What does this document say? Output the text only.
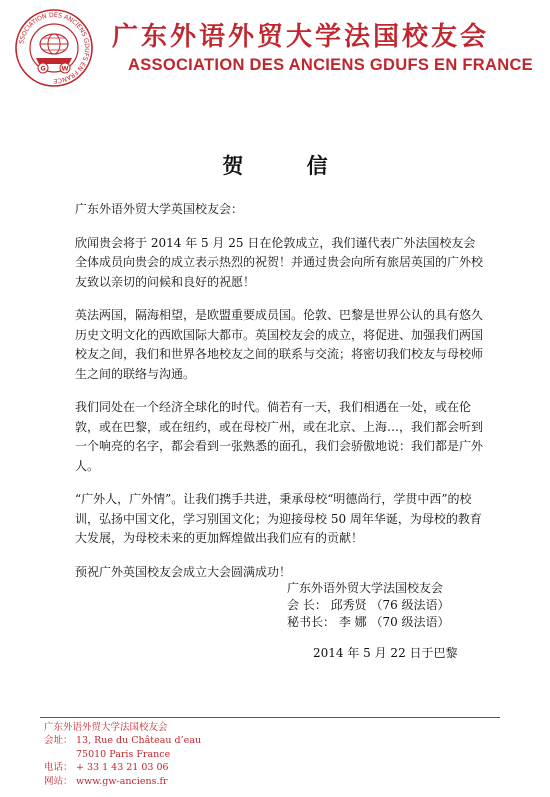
SSOCIATION DES ANCIENS GDUFS EN FRANCE
G W
广东外语外贸大学法国校友会
ASSOCIATION DES ANCIENS GDUFS EN FRANCE
贺 信

广东外语外贸大学英国校友会：

欣闻贵会将于 2014 年 5 月 25 日在伦敦成立，我们谨代表广外法国校友会全体成员向贵会的成立表示热烈的祝贺！并通过贵会向所有旅居英国的广外校友致以亲切的问候和良好的祝愿！

英法两国，隔海相望，是欧盟重要成员国。伦敦、巴黎是世界公认的具有悠久历史文明文化的西欧国际大都市。英国校友会的成立，将促进、加强我们两国校友之间，我们和世界各地校友之间的联系与交流；将密切我们校友与母校师生之间的联络与沟通。

我们同处在一个经济全球化的时代。倘若有一天，我们相遇在一处，或在伦敦，或在巴黎，或在纽约，或在母校广州，或在北京、上海…，我们都会听到一个响亮的名字，都会看到一张熟悉的面孔，我们会骄傲地说：我们都是广外人。

“广外人，广外情”。让我们携手共进，秉承母校“明德尚行，学贯中西”的校训，弘扬中国文化，学习别国文化；为迎接母校 50 周年华诞，为母校的教育大发展，为母校未来的更加辉煌做出我们应有的贡献！

预祝广外英国校友会成立大会圆满成功！

广东外语外贸大学法国校友会
会 长： 邱秀贤 （76 级法语）
秘书长： 李 娜 （70 级法语）
2014 年 5 月 22 日于巴黎
广东外语外贸大学法国校友会
会址： 13, Rue du Château d’eau
75010 Paris France
电话： + 33 1 43 21 03 06
网站： www.gw-anciens.fr
